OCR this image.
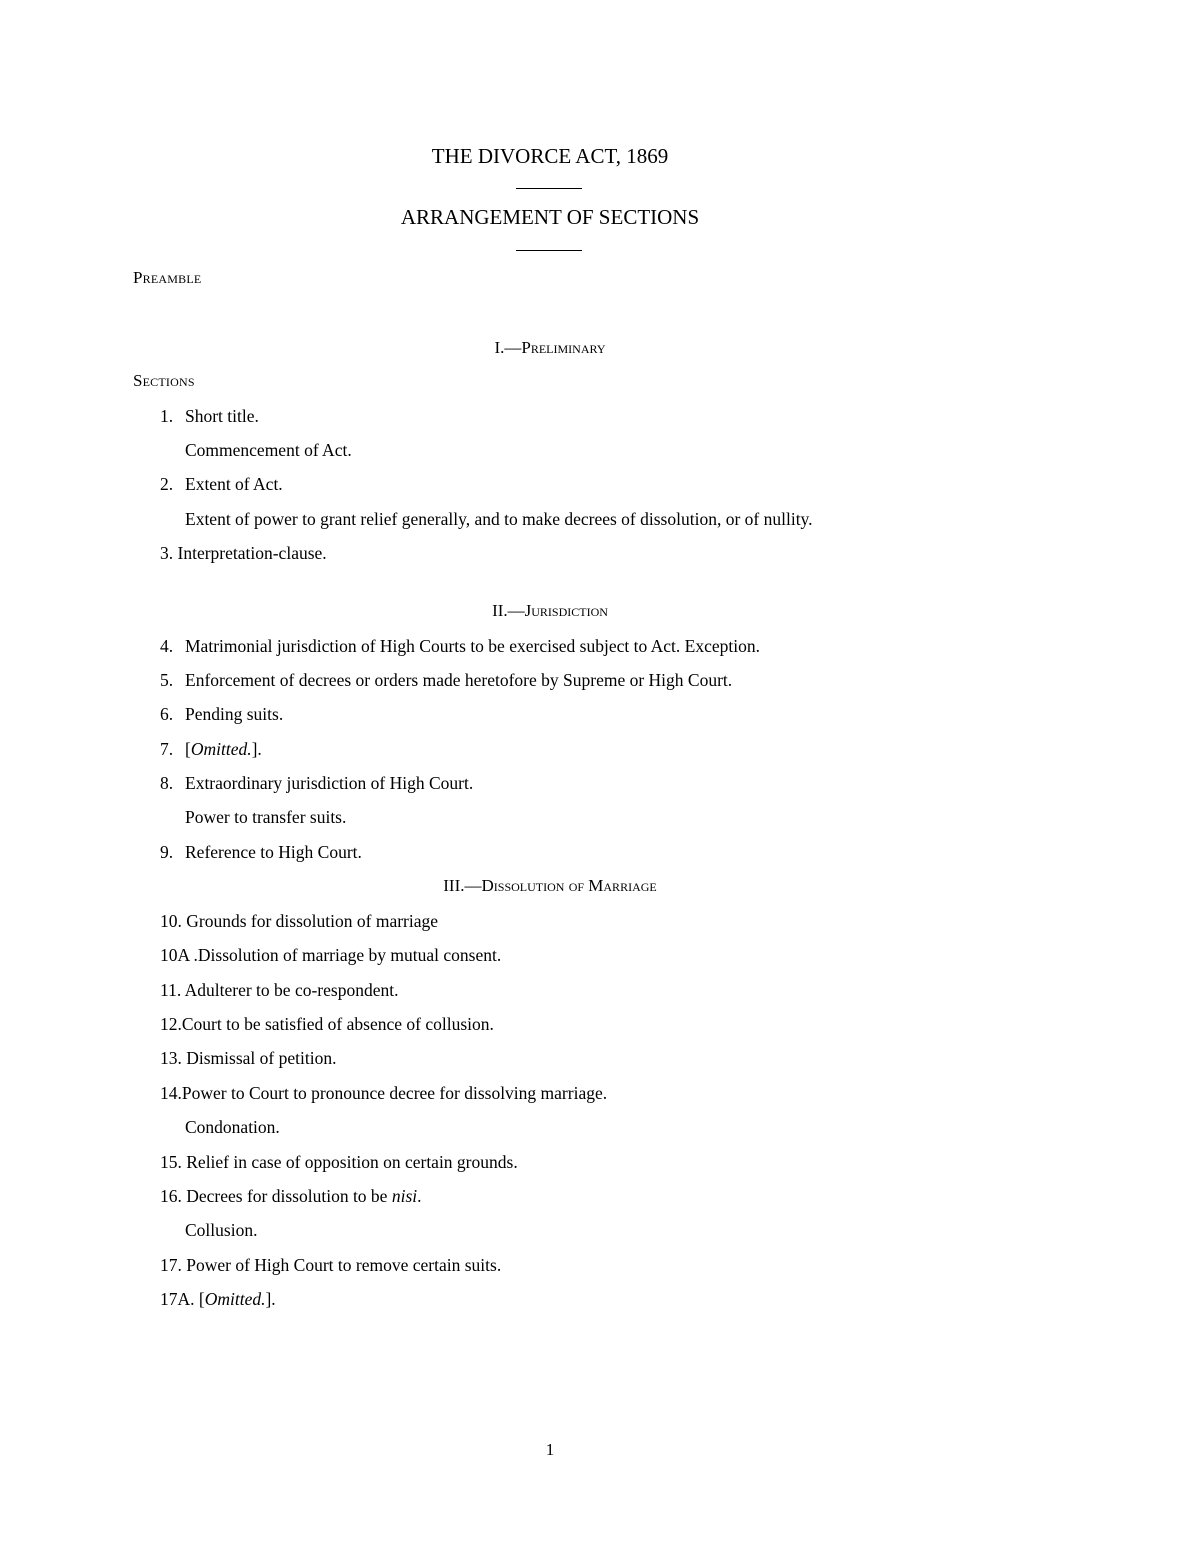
THE DIVORCE ACT, 1869
ARRANGEMENT OF SECTIONS
Preamble
I.—Preliminary
Sections
1. Short title.
Commencement of Act.
2. Extent of Act.
Extent of power to grant relief generally, and to make decrees of dissolution, or of nullity.
3. Interpretation-clause.
II.—Jurisdiction
4. Matrimonial jurisdiction of High Courts to be exercised subject to Act. Exception.
5. Enforcement of decrees or orders made heretofore by Supreme or High Court.
6. Pending suits.
7. [Omitted.].
8. Extraordinary jurisdiction of High Court.
Power to transfer suits.
9. Reference to High Court.
III.—Dissolution of Marriage
10. Grounds for dissolution of marriage
10A .Dissolution of marriage by mutual consent.
11. Adulterer to be co-respondent.
12.Court to be satisfied of absence of collusion.
13. Dismissal of petition.
14.Power to Court to pronounce decree for dissolving marriage.
Condonation.
15. Relief in case of opposition on certain grounds.
16. Decrees for dissolution to be nisi.
Collusion.
17. Power of High Court to remove certain suits.
17A. [Omitted.].
1
